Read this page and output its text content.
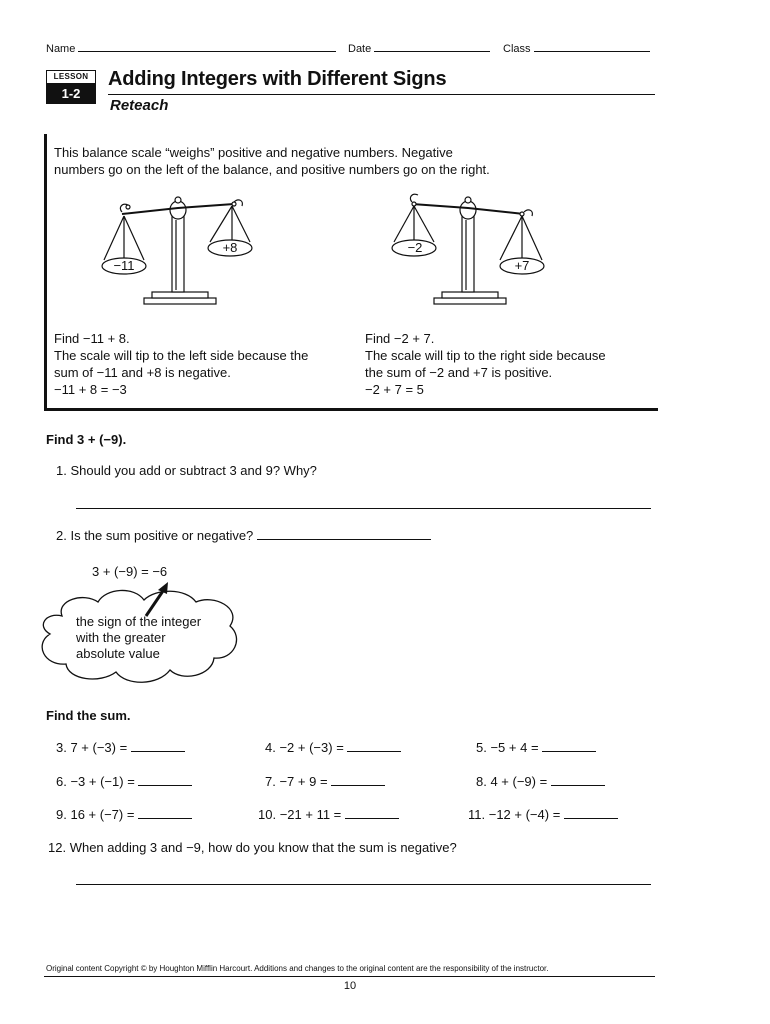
Name	Date	Class
LESSON
1-2
Adding Integers with Different Signs
Reteach
This balance scale “weighs” positive and negative numbers. Negative
numbers go on the left of the balance, and positive numbers go on the right.
−11
+8	−2
+7
Find −11 + 8.
The scale will tip to the left side because the
sum of −11 and +8 is negative.
−11 + 8 = −3
Find −2 + 7.
The scale will tip to the right side because
the sum of −2 and +7 is positive.
−2 + 7 = 5
Find 3 + (−9).
1. Should you add or subtract 3 and 9? Why?
2. Is the sum positive or negative?
3 + (−9) = −6
the sign of the integer
with the greater
absolute value
Find the sum.
3. 7 + (−3) =	4. −2 + (−3) =	5. −5 + 4 =
6. −3 + (−1) =	7. −7 + 9 =	8. 4 + (−9) =
9. 16 + (−7) =	10. −21 + 11 =	11. −12 + (−4) =
12. When adding 3 and −9, how do you know that the sum is negative?
Original content Copyright © by Houghton Mifflin Harcourt. Additions and changes to the original content are the responsibility of the instructor.
10
